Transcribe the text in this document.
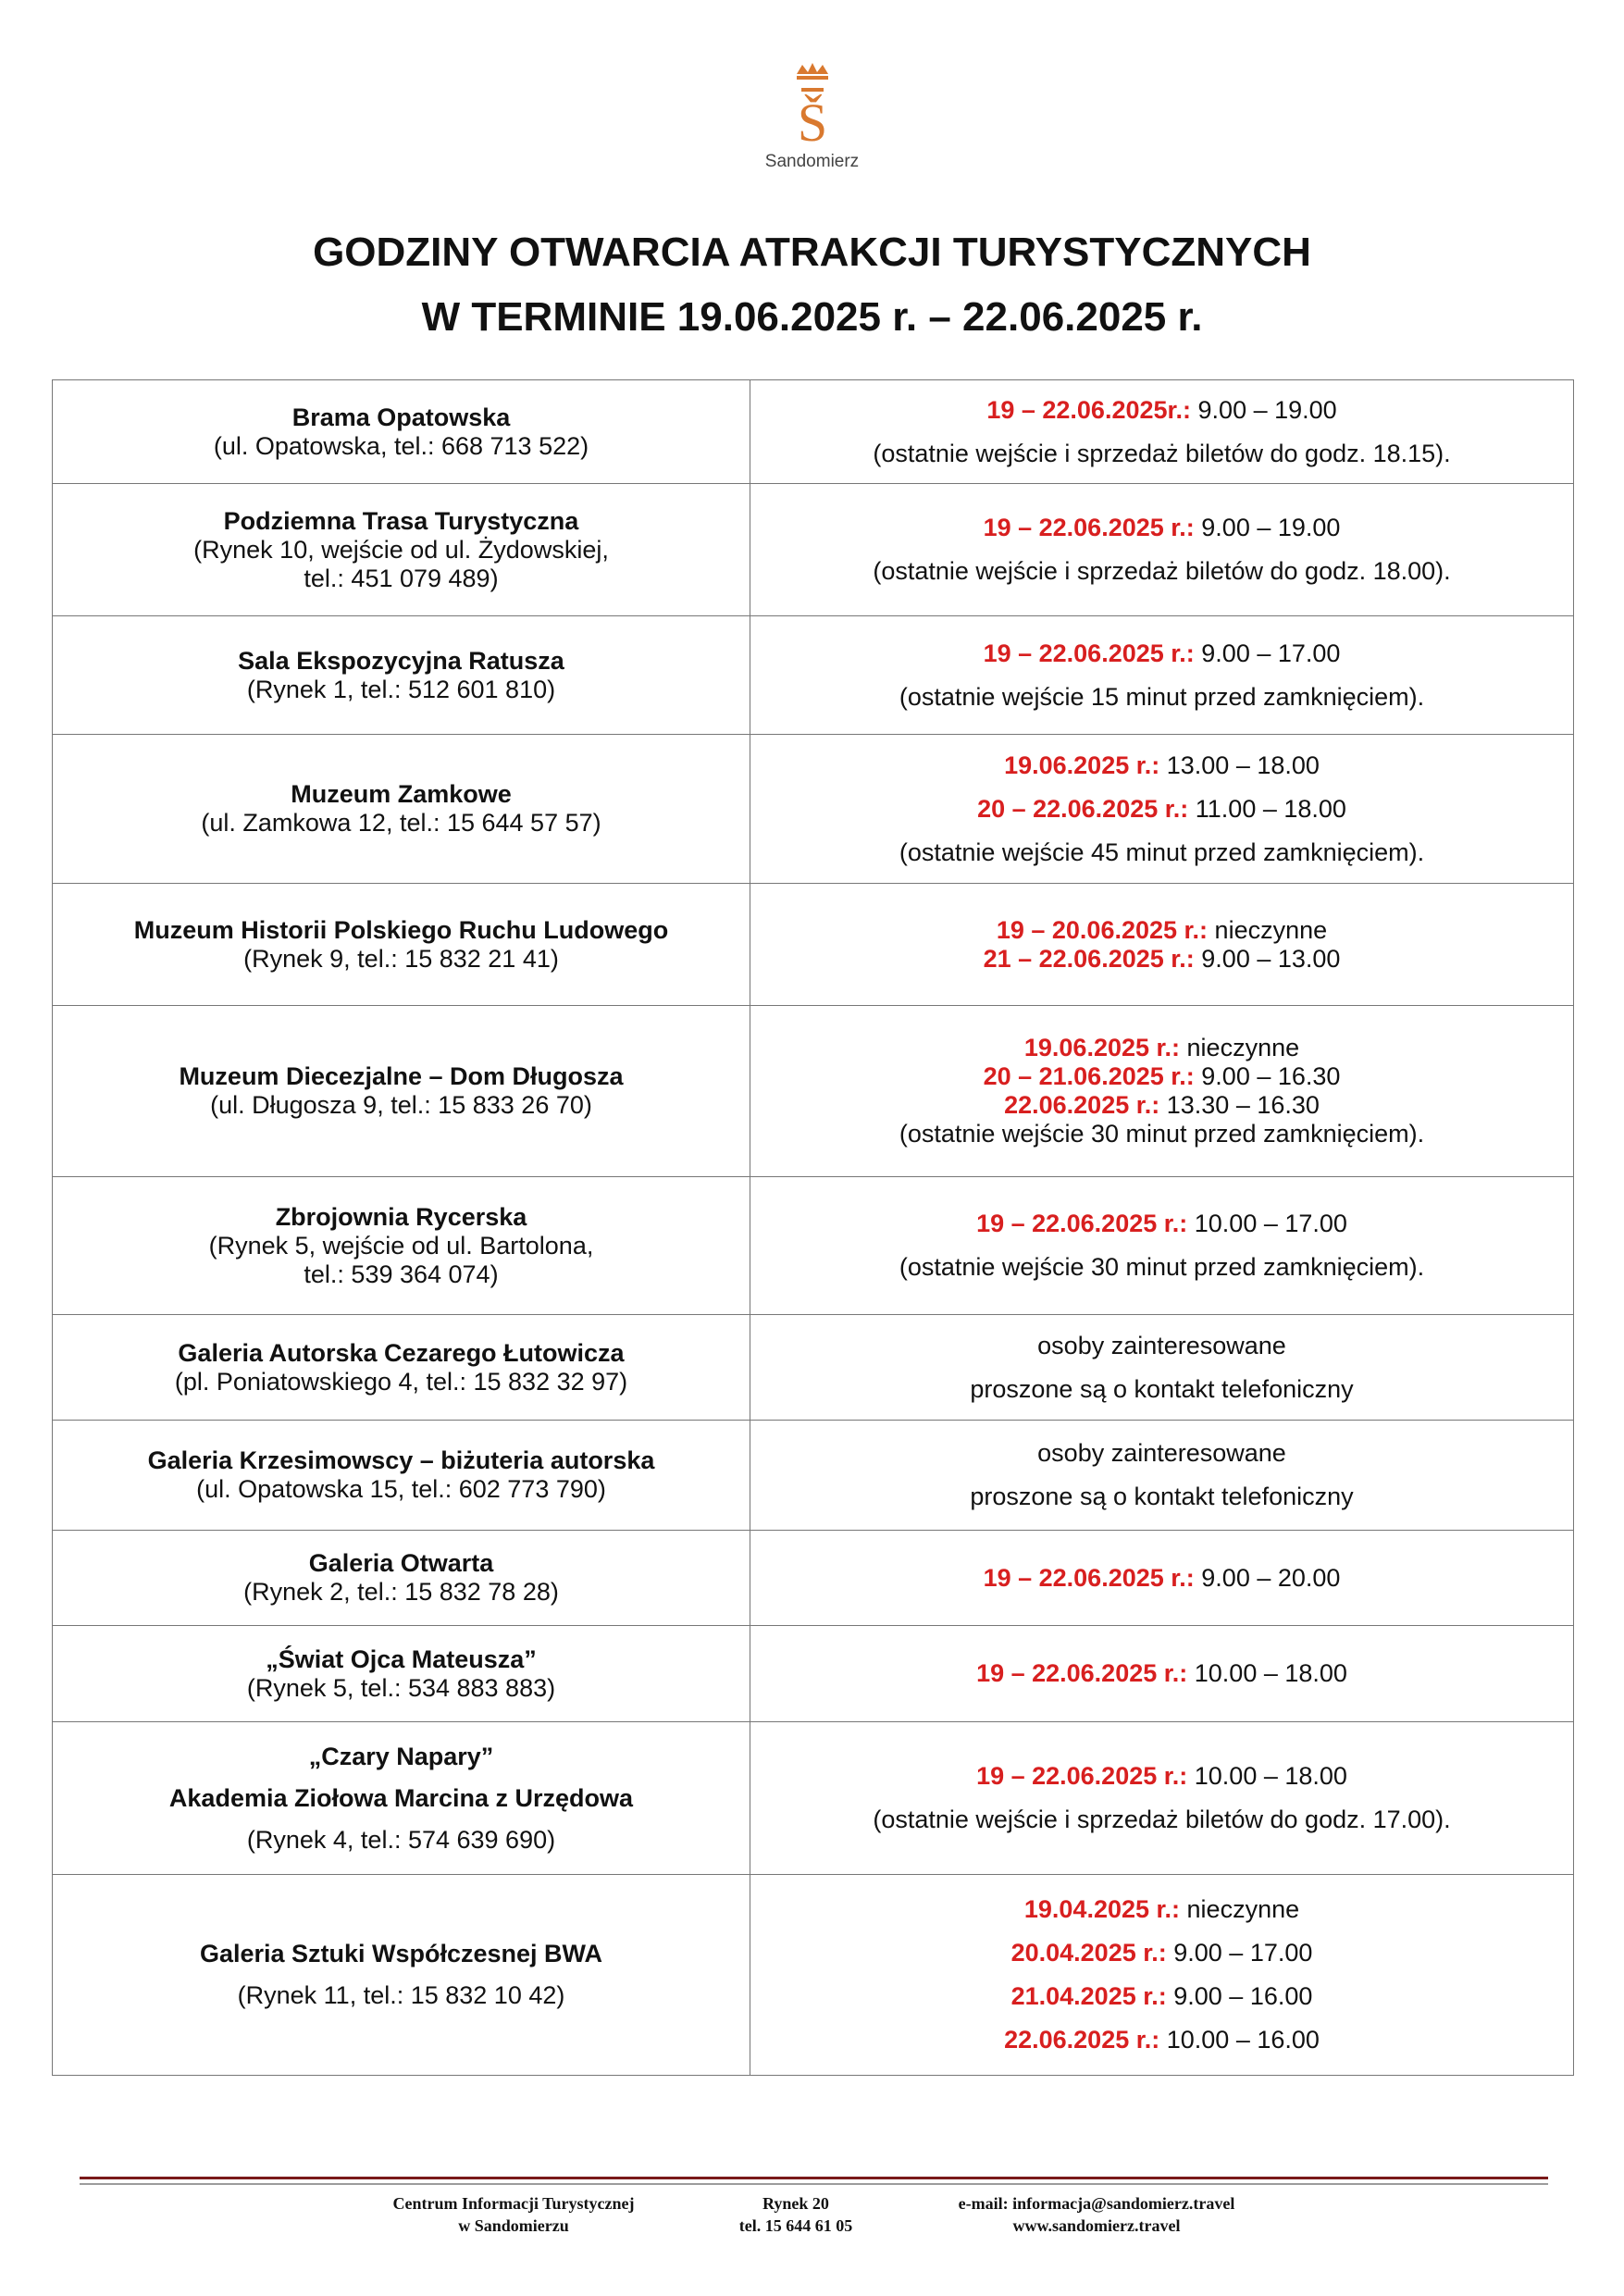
Š
Sandomierz
GODZINY OTWARCIA ATRAKCJI TURYSTYCZNYCH
W TERMINIE 19.06.2025 r. – 22.06.2025 r.
Brama Opatowska
(ul. Opatowska, tel.: 668 713 522)	19 – 22.06.2025r.: 9.00 – 19.00
(ostatnie wejście i sprzedaż biletów do godz. 18.15).

Podziemna Trasa Turystyczna
(Rynek 10, wejście od ul. Żydowskiej,
tel.: 451 079 489)	19 – 22.06.2025 r.: 9.00 – 19.00
(ostatnie wejście i sprzedaż biletów do godz. 18.00).

Sala Ekspozycyjna Ratusza
(Rynek 1, tel.: 512 601 810)	19 – 22.06.2025 r.: 9.00 – 17.00
(ostatnie wejście 15 minut przed zamknięciem).

Muzeum Zamkowe
(ul. Zamkowa 12, tel.: 15 644 57 57)	19.06.2025 r.: 13.00 – 18.00
20 – 22.06.2025 r.: 11.00 – 18.00
(ostatnie wejście 45 minut przed zamknięciem).

Muzeum Historii Polskiego Ruchu Ludowego
(Rynek 9, tel.: 15 832 21 41)	19 – 20.06.2025 r.: nieczynne
21 – 22.06.2025 r.: 9.00 – 13.00

Muzeum Diecezjalne – Dom Długosza
(ul. Długosza 9, tel.: 15 833 26 70)	19.06.2025 r.: nieczynne
20 – 21.06.2025 r.: 9.00 – 16.30
22.06.2025 r.: 13.30 – 16.30
(ostatnie wejście 30 minut przed zamknięciem).

Zbrojownia Rycerska
(Rynek 5, wejście od ul. Bartolona,
tel.: 539 364 074)	19 – 22.06.2025 r.: 10.00 – 17.00
(ostatnie wejście 30 minut przed zamknięciem).

Galeria Autorska Cezarego Łutowicza
(pl. Poniatowskiego 4, tel.: 15 832 32 97)	osoby zainteresowane
proszone są o kontakt telefoniczny

Galeria Krzesimowscy – biżuteria autorska
(ul. Opatowska 15, tel.: 602 773 790)	osoby zainteresowane
proszone są o kontakt telefoniczny

Galeria Otwarta
(Rynek 2, tel.: 15 832 78 28)	19 – 22.06.2025 r.: 9.00 – 20.00

„Świat Ojca Mateusza”
(Rynek 5, tel.: 534 883 883)	19 – 22.06.2025 r.: 10.00 – 18.00

„Czary Napary”
Akademia Ziołowa Marcina z Urzędowa
(Rynek 4, tel.: 574 639 690)	19 – 22.06.2025 r.: 10.00 – 18.00
(ostatnie wejście i sprzedaż biletów do godz. 17.00).

Galeria Sztuki Współczesnej BWA
(Rynek 11, tel.: 15 832 10 42)	19.04.2025 r.: nieczynne
20.04.2025 r.: 9.00 – 17.00
21.04.2025 r.: 9.00 – 16.00
22.06.2025 r.: 10.00 – 16.00
Centrum Informacji Turystycznej
w Sandomierzu
Rynek 20
tel. 15 644 61 05
e-mail: informacja@sandomierz.travel
www.sandomierz.travel
